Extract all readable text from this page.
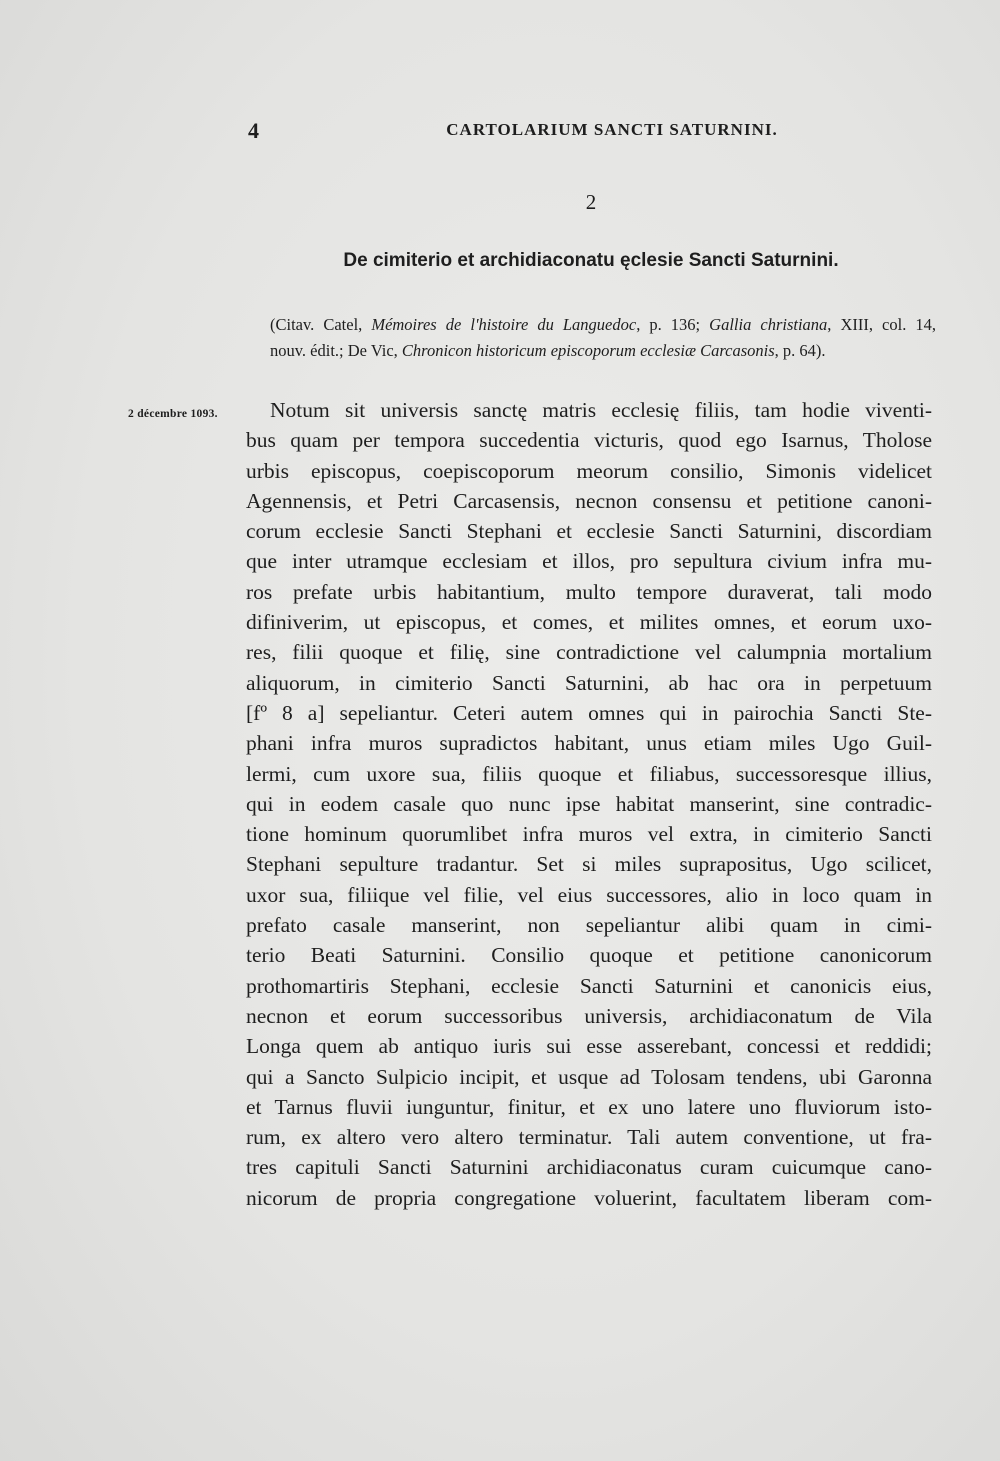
4	CARTOLARIUM SANCTI SATURNINI.
2
De cimiterio et archidiaconatu ęclesie Sancti Saturnini.
(Citav. Catel, Mémoires de l'histoire du Languedoc, p. 136; Gallia christiana, XIII, col. 14,
nouv. édit.; De Vic, Chronicon historicum episcoporum ecclesiæ Carcasonis, p. 64).
2 décembre 1093.	Notum sit universis sanctę matris ecclesię filiis, tam hodie viventi-
bus quam per tempora succedentia victuris, quod ego Isarnus, Tholose
urbis episcopus, coepiscoporum meorum consilio, Simonis videlicet
Agennensis, et Petri Carcasensis, necnon consensu et petitione canoni-
corum ecclesie Sancti Stephani et ecclesie Sancti Saturnini, discordiam
que inter utramque ecclesiam et illos, pro sepultura civium infra mu-
ros prefate urbis habitantium, multo tempore duraverat, tali modo
difiniverim, ut episcopus, et comes, et milites omnes, et eorum uxo-
res, filii quoque et filię, sine contradictione vel calumpnia mortalium
aliquorum, in cimiterio Sancti Saturnini, ab hac ora in perpetuum
[fº 8 a] sepeliantur. Ceteri autem omnes qui in pairochia Sancti Ste-
phani infra muros supradictos habitant, unus etiam miles Ugo Guil-
lermi, cum uxore sua, filiis quoque et filiabus, successoresque illius,
qui in eodem casale quo nunc ipse habitat manserint, sine contradic-
tione hominum quorumlibet infra muros vel extra, in cimiterio Sancti
Stephani sepulture tradantur. Set si miles suprapositus, Ugo scilicet,
uxor sua, filiique vel filie, vel eius successores, alio in loco quam in
prefato casale manserint, non sepeliantur alibi quam in cimi-
terio Beati Saturnini. Consilio quoque et petitione canonicorum
prothomartiris Stephani, ecclesie Sancti Saturnini et canonicis eius,
necnon et eorum successoribus universis, archidiaconatum de Vila
Longa quem ab antiquo iuris sui esse asserebant, concessi et reddidi;
qui a Sancto Sulpicio incipit, et usque ad Tolosam tendens, ubi Garonna
et Tarnus fluvii iunguntur, finitur, et ex uno latere uno fluviorum isto-
rum, ex altero vero altero terminatur. Tali autem conventione, ut fra-
tres capituli Sancti Saturnini archidiaconatus curam cuicumque cano-
nicorum de propria congregatione voluerint, facultatem liberam com-
